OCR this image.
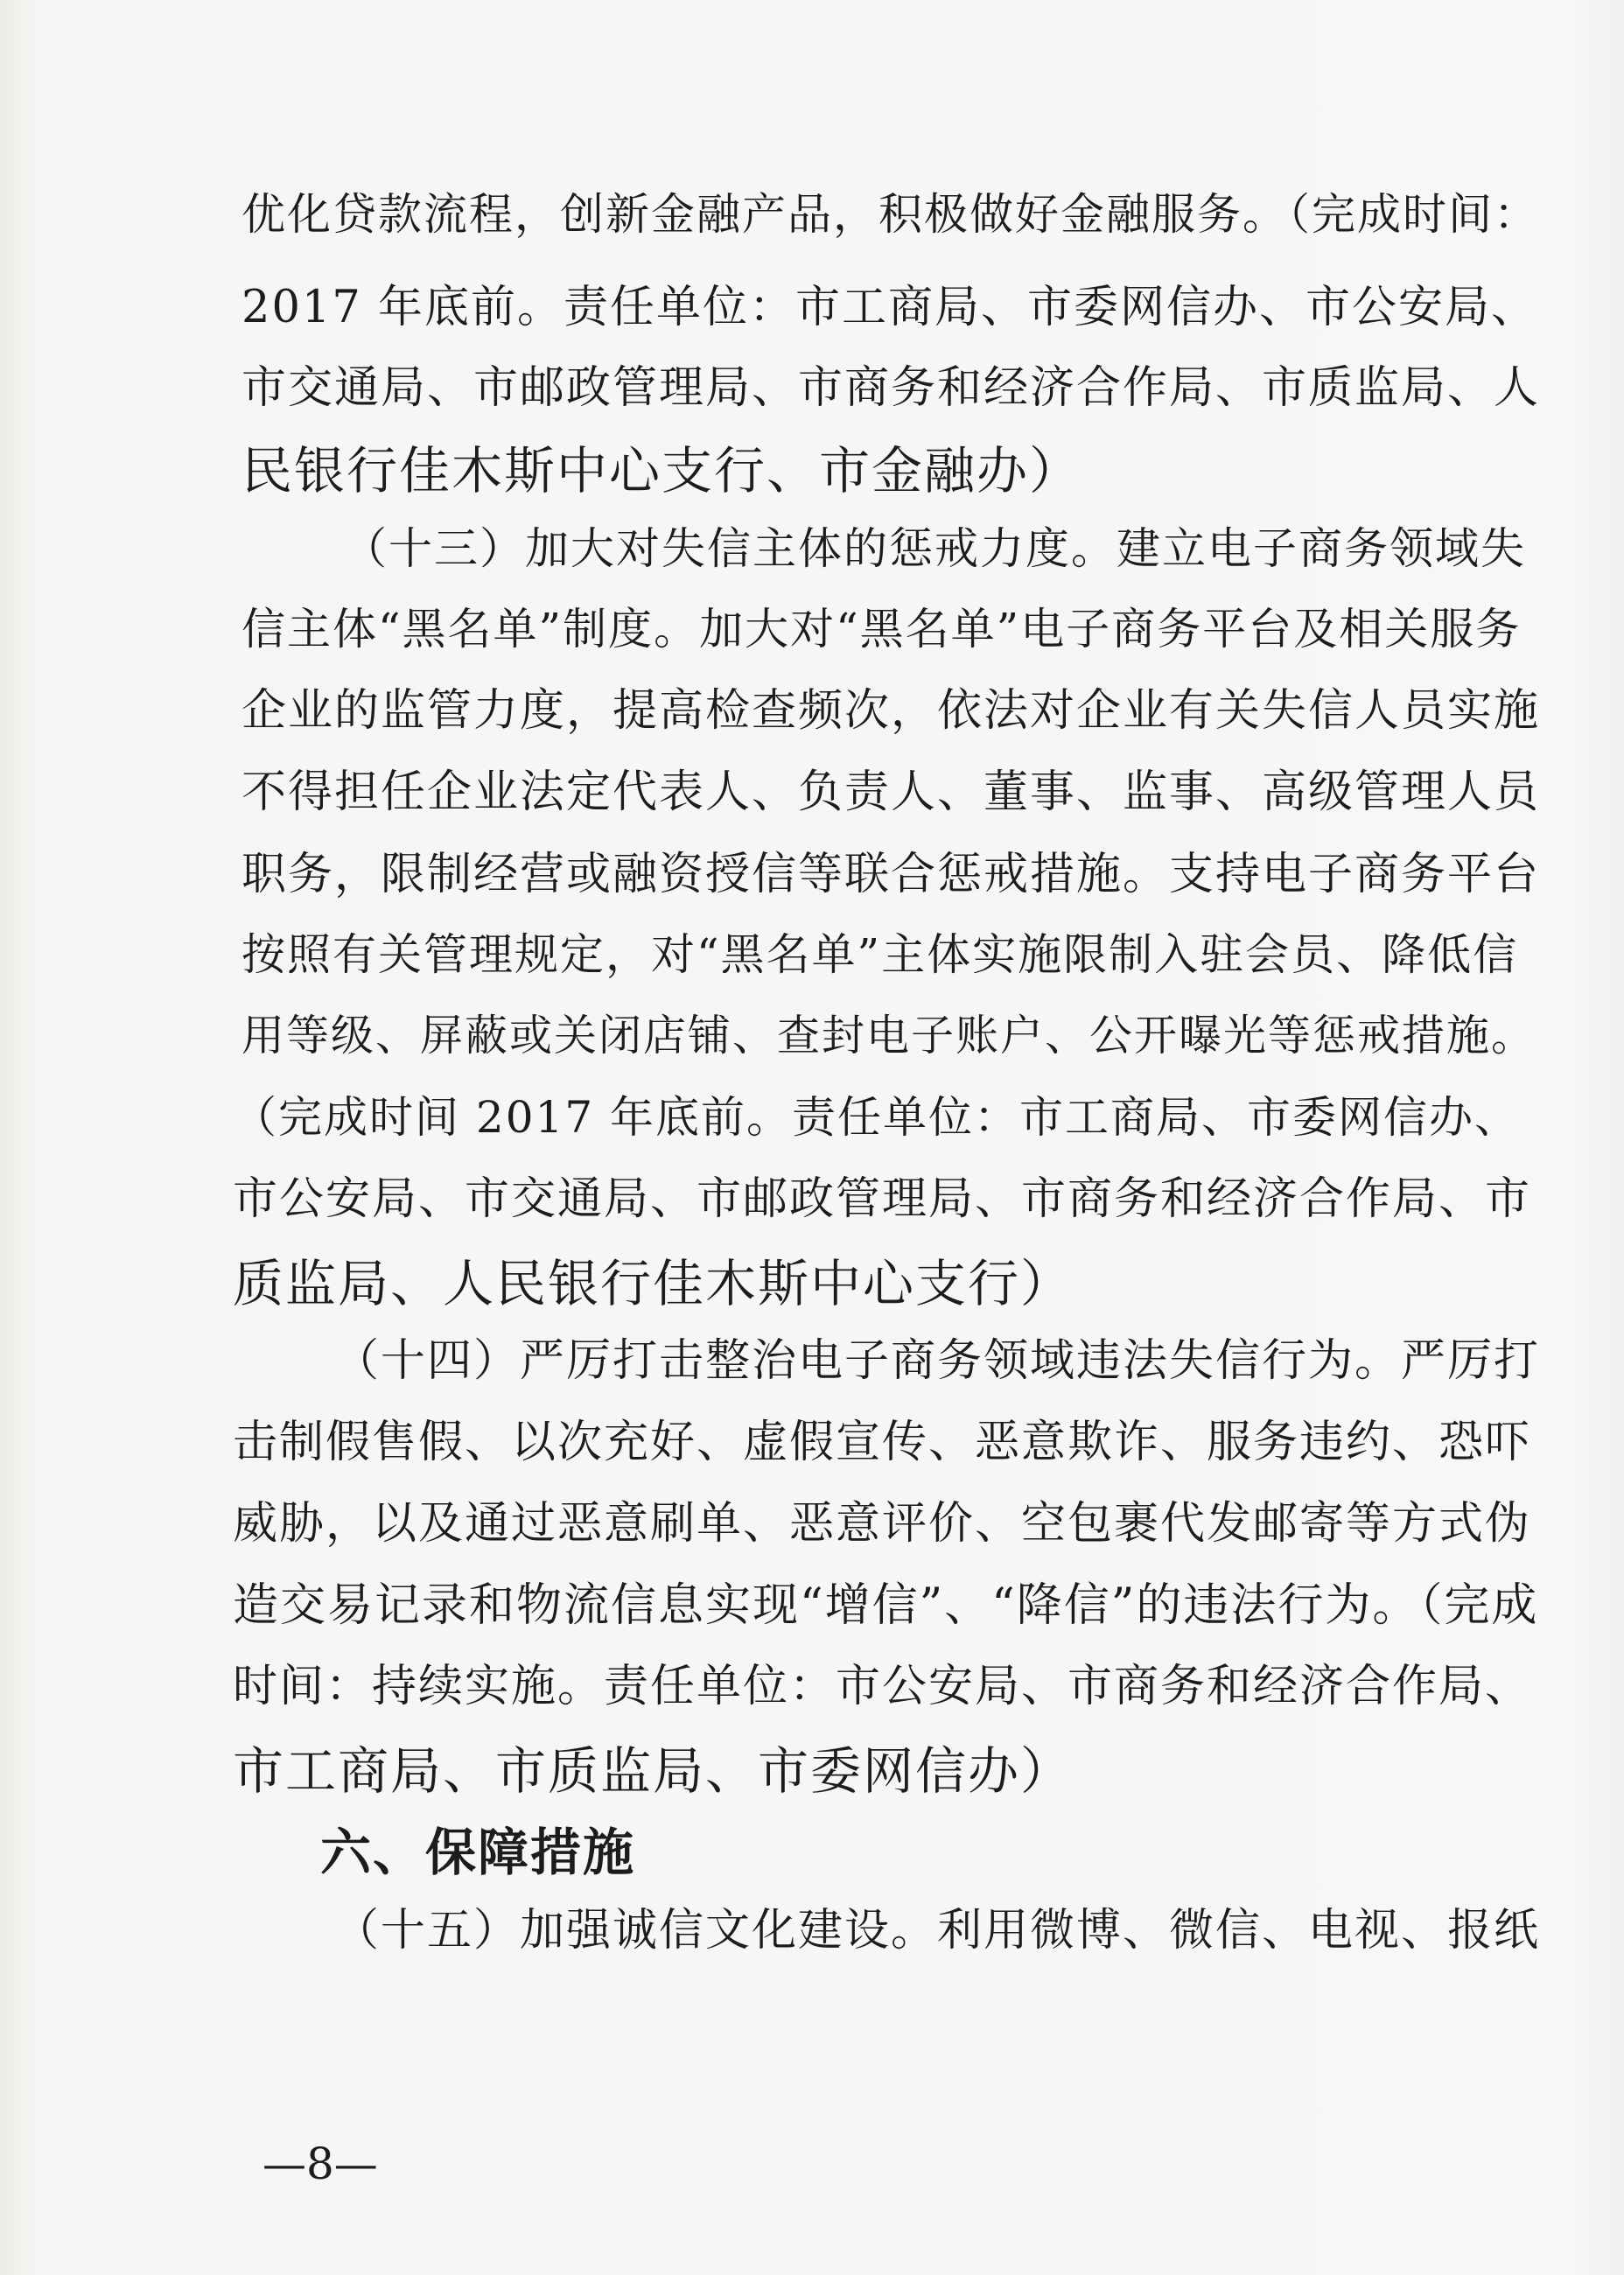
优化贷款流程，创新金融产品，积极做好金融服务。（完成时间：
2017 年底前。责任单位：市工商局、市委网信办、市公安局、
市交通局、市邮政管理局、市商务和经济合作局、市质监局、人
民银行佳木斯中心支行、市金融办）
（十三）加大对失信主体的惩戒力度。建立电子商务领域失
信主体“黑名单”制度。加大对“黑名单”电子商务平台及相关服务
企业的监管力度，提高检查频次，依法对企业有关失信人员实施
不得担任企业法定代表人、负责人、董事、监事、高级管理人员
职务，限制经营或融资授信等联合惩戒措施。支持电子商务平台
按照有关管理规定，对“黑名单”主体实施限制入驻会员、降低信
用等级、屏蔽或关闭店铺、查封电子账户、公开曝光等惩戒措施。
（完成时间 2017 年底前。责任单位：市工商局、市委网信办、
市公安局、市交通局、市邮政管理局、市商务和经济合作局、市
质监局、人民银行佳木斯中心支行）
（十四）严厉打击整治电子商务领域违法失信行为。严厉打
击制假售假、以次充好、虚假宣传、恶意欺诈、服务违约、恐吓
威胁，以及通过恶意刷单、恶意评价、空包裹代发邮寄等方式伪
造交易记录和物流信息实现“增信”、“降信”的违法行为。（完成
时间：持续实施。责任单位：市公安局、市商务和经济合作局、
市工商局、市质监局、市委网信办）
六、保障措施
（十五）加强诚信文化建设。利用微博、微信、电视、报纸
—8—
